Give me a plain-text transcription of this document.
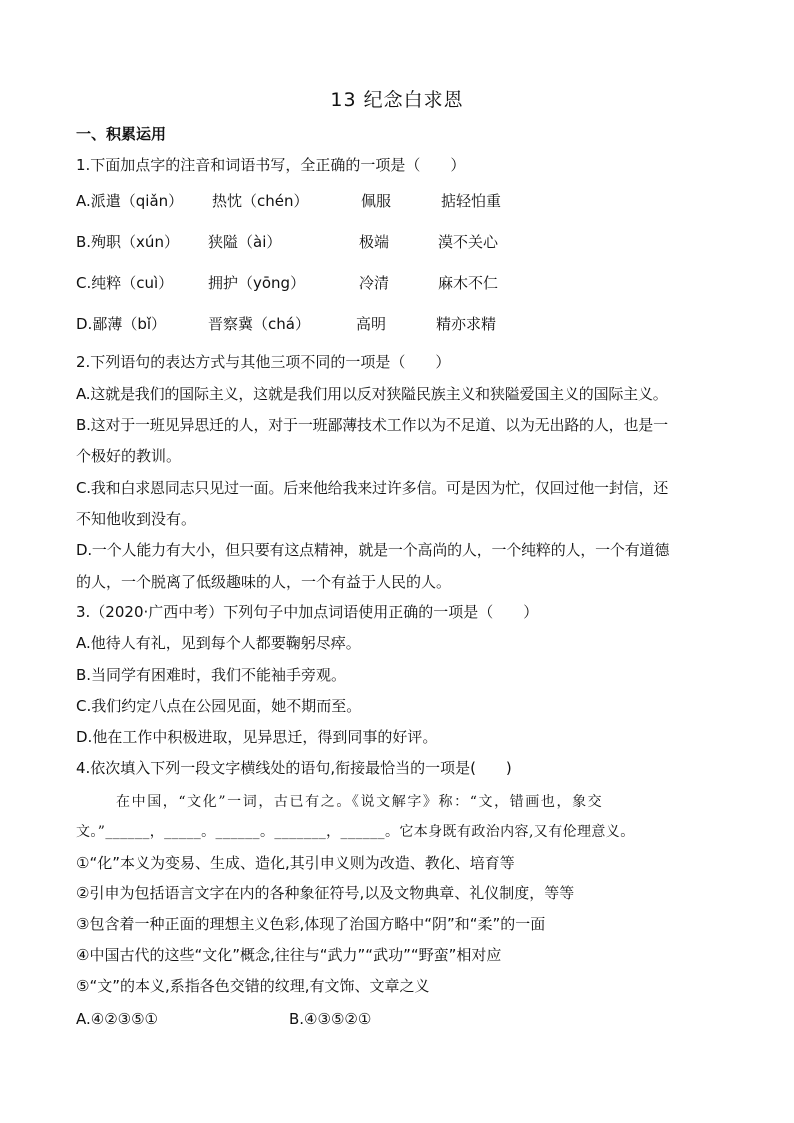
13 纪念白求恩
一、积累运用
1.下面加点字的注音和词语书写，全正确的一项是（　　）
A.派遣（qiǎn） 热忱（chén）	佩服	掂轻怕重
B.殉职（xún） 狭隘（ài）	极端	漠不关心
C.纯粹（cuì） 拥护（yōng）	冷清	麻木不仁
D.鄙薄（bǐ）	晋察冀（chá）	高明	精亦求精
2.下列语句的表达方式与其他三项不同的一项是（　　）
A.这就是我们的国际主义，这就是我们用以反对狭隘民族主义和狭隘爱国主义的国际主义。
B.这对于一班见异思迁的人，对于一班鄙薄技术工作以为不足道、以为无出路的人，也是一
个极好的教训。
C.我和白求恩同志只见过一面。后来他给我来过许多信。可是因为忙，仅回过他一封信，还
不知他收到没有。
D.一个人能力有大小，但只要有这点精神，就是一个高尚的人，一个纯粹的人，一个有道德
的人，一个脱离了低级趣味的人，一个有益于人民的人。
3.（2020·广西中考）下列句子中加点词语使用正确的一项是（　　）
A.他待人有礼，见到每个人都要鞠躬尽瘁。
B.当同学有困难时，我们不能袖手旁观。
C.我们约定八点在公园见面，她不期而至。
D.他在工作中积极进取，见异思迁，得到同事的好评。
4.依次填入下列一段文字横线处的语句,衔接最恰当的一项是(　　)
在中国，“文化”一词，古已有之。《说文解字》称：“文，错画也，象交
文。”______，_____。______。_______，______。它本身既有政治内容,又有伦理意义。
①“化”本义为变易、生成、造化,其引申义则为改造、教化、培育等
②引申为包括语言文字在内的各种象征符号,以及文物典章、礼仪制度，等等
③包含着一种正面的理想主义色彩,体现了治国方略中“阴”和“柔”的一面
④中国古代的这些“文化”概念,往往与“武力”“武功”“野蛮”相对应
⑤“文”的本义,系指各色交错的纹理,有文饰、文章之义
A.④②③⑤①	B.④③⑤②①
